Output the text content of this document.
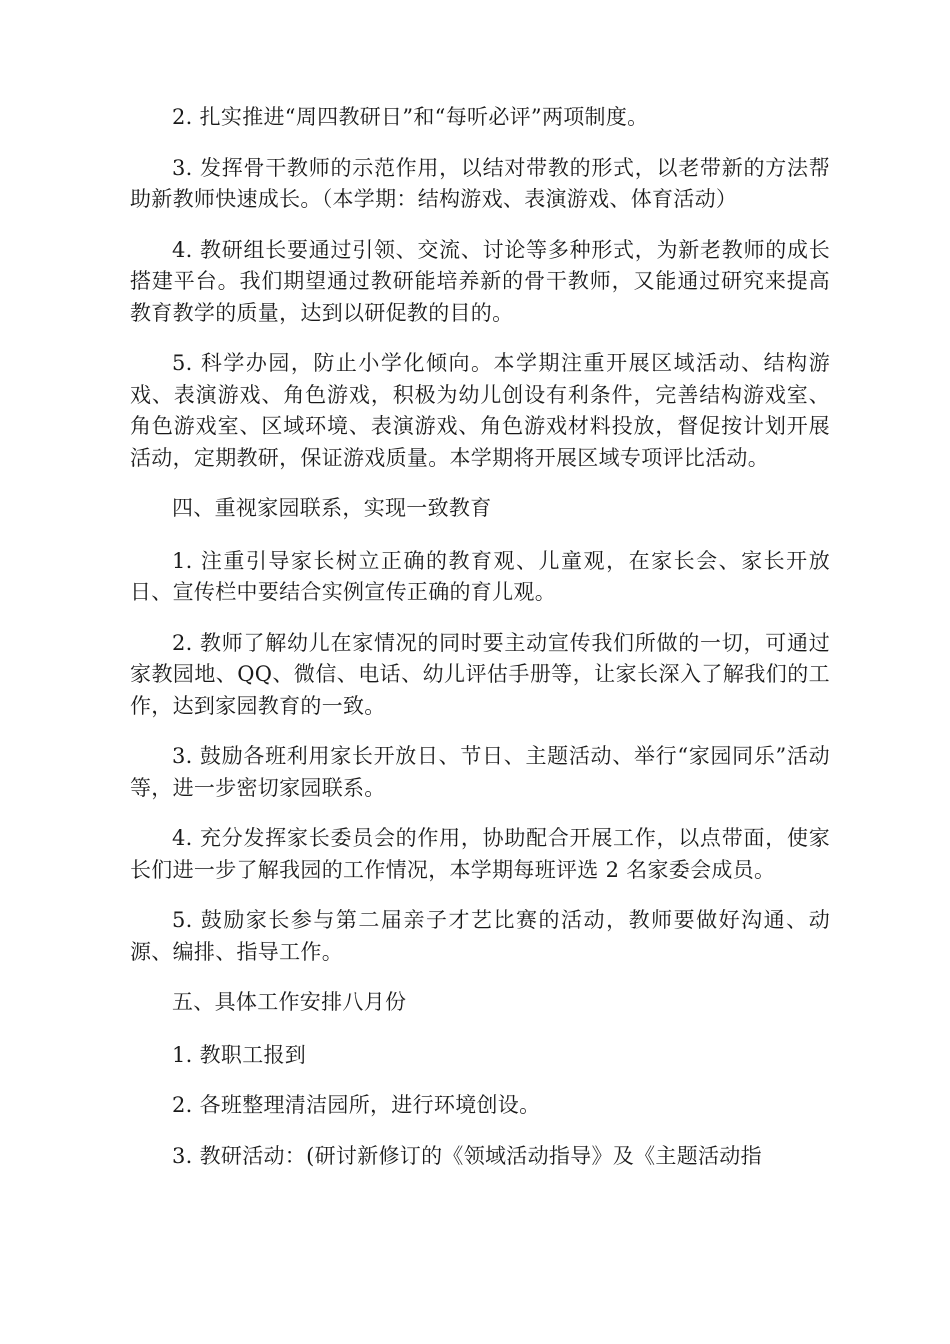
2. 扎实推进“周四教研日”和“每听必评”两项制度。

3. 发挥骨干教师的示范作用，以结对带教的形式，以老带新的方法帮助新教师快速成长。（本学期：结构游戏、表演游戏、体育活动）

4. 教研组长要通过引领、交流、讨论等多种形式，为新老教师的成长搭建平台。我们期望通过教研能培养新的骨干教师，又能通过研究来提高教育教学的质量，达到以研促教的目的。

5. 科学办园，防止小学化倾向。本学期注重开展区域活动、结构游戏、表演游戏、角色游戏，积极为幼儿创设有利条件，完善结构游戏室、角色游戏室、区域环境、表演游戏、角色游戏材料投放，督促按计划开展活动，定期教研，保证游戏质量。本学期将开展区域专项评比活动。

四、重视家园联系，实现一致教育

1. 注重引导家长树立正确的教育观、儿童观，在家长会、家长开放日、宣传栏中要结合实例宣传正确的育儿观。

2. 教师了解幼儿在家情况的同时要主动宣传我们所做的一切，可通过家教园地、QQ、微信、电话、幼儿评估手册等，让家长深入了解我们的工作，达到家园教育的一致。

3. 鼓励各班利用家长开放日、节日、主题活动、举行“家园同乐”活动等，进一步密切家园联系。

4. 充分发挥家长委员会的作用，协助配合开展工作，以点带面，使家长们进一步了解我园的工作情况，本学期每班评选 2 名家委会成员。

5. 鼓励家长参与第二届亲子才艺比赛的活动，教师要做好沟通、动源、编排、指导工作。

五、具体工作安排八月份

1. 教职工报到

2. 各班整理清洁园所，进行环境创设。

3. 教研活动：(研讨新修订的《领域活动指导》及《主题活动指
